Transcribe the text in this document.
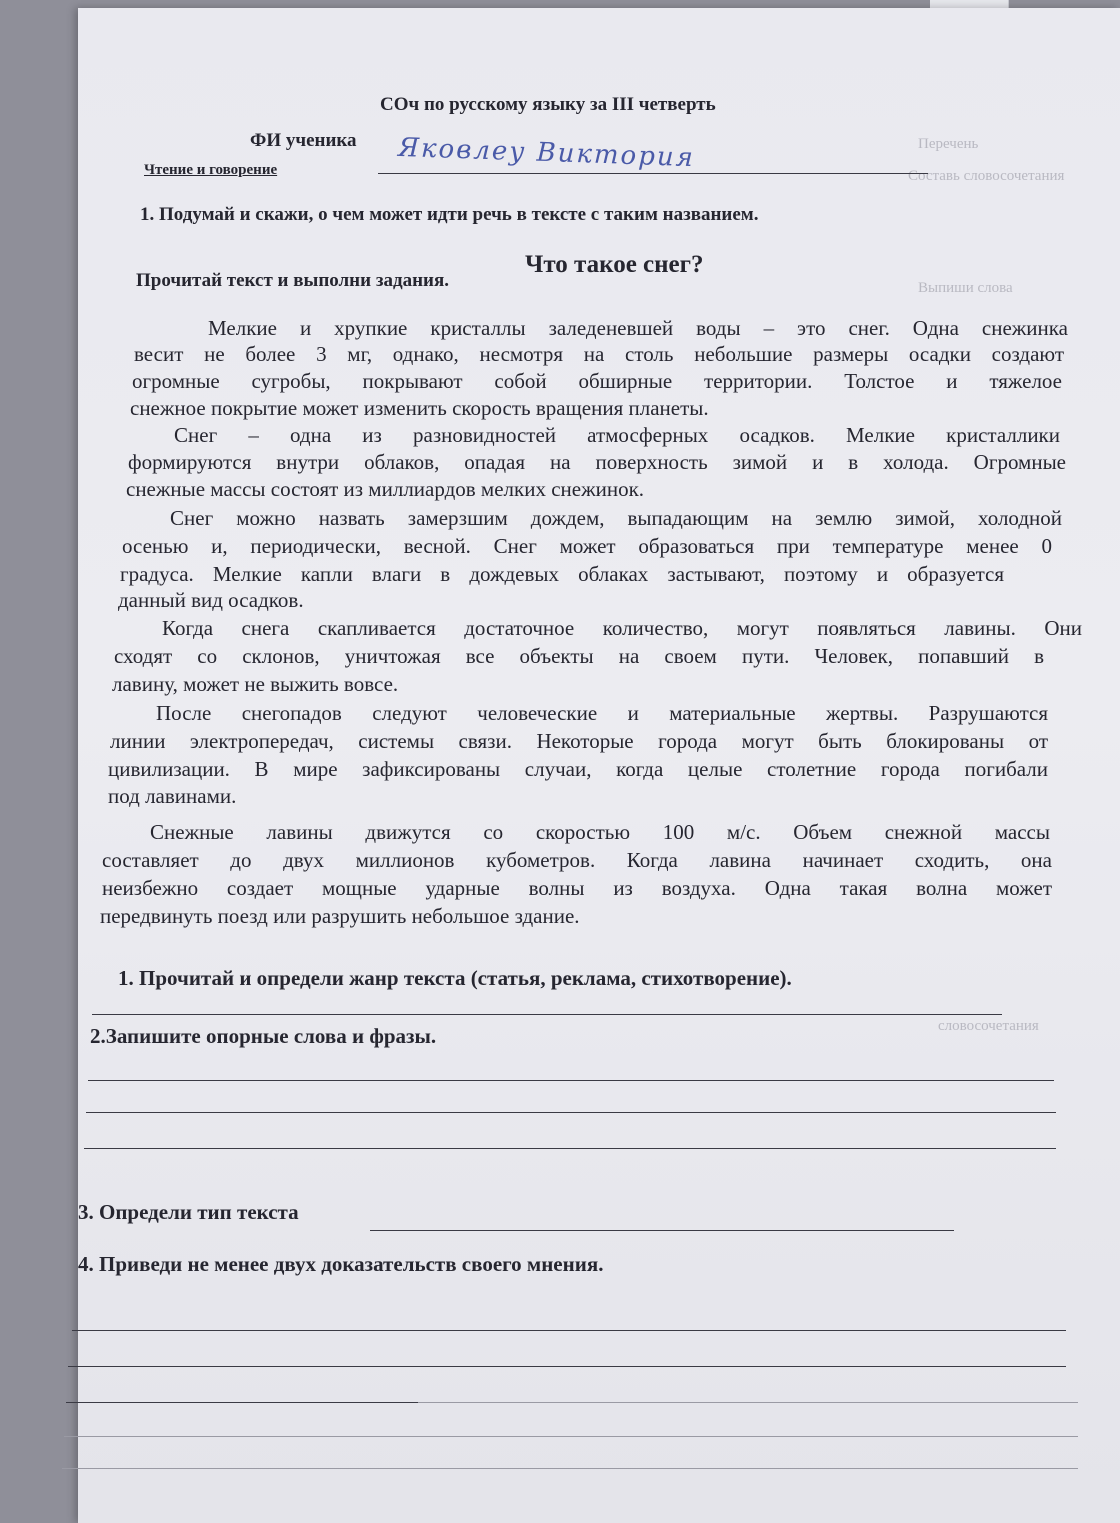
Перечень
Составь словосочетания
Выпиши слова
словосочетания
СОч по русскому языку за III четверть
ФИ ученика Яковлеу Виктория
Чтение и говорение
1. Подумай и скажи, о чем может идти речь в тексте с таким названием.
Что такое снег?
Прочитай текст и выполни задания.
Мелкие и хрупкие кристаллы заледеневшей воды – это снег. Одна снежинка
весит не более 3 мг, однако, несмотря на столь небольшие размеры осадки создают
огромные сугробы, покрывают собой обширные территории. Толстое и тяжелое
снежное покрытие может изменить скорость вращения планеты.
Снег – одна из разновидностей атмосферных осадков. Мелкие кристаллики
формируются внутри облаков, опадая на поверхность зимой и в холода. Огромные
снежные массы состоят из миллиардов мелких снежинок.
Снег можно назвать замерзшим дождем, выпадающим на землю зимой, холодной
осенью и, периодически, весной. Снег может образоваться при температуре менее 0
градуса. Мелкие капли влаги в дождевых облаках застывают, поэтому и образуется
данный вид осадков.
Когда снега скапливается достаточное количество, могут появляться лавины. Они
сходят со склонов, уничтожая все объекты на своем пути. Человек, попавший в
лавину, может не выжить вовсе.
После снегопадов следуют человеческие и материальные жертвы. Разрушаются
линии электропередач, системы связи. Некоторые города могут быть блокированы от
цивилизации. В мире зафиксированы случаи, когда целые столетние города погибали
под лавинами.
Снежные лавины движутся со скоростью 100 м/с. Объем снежной массы
составляет до двух миллионов кубометров. Когда лавина начинает сходить, она
неизбежно создает мощные ударные волны из воздуха. Одна такая волна может
передвинуть поезд или разрушить небольшое здание.
1. Прочитай и определи жанр текста (статья, реклама, стихотворение).
2.Запишите опорные слова и фразы.
3. Определи тип текста
4. Приведи не менее двух доказательств своего мнения.
